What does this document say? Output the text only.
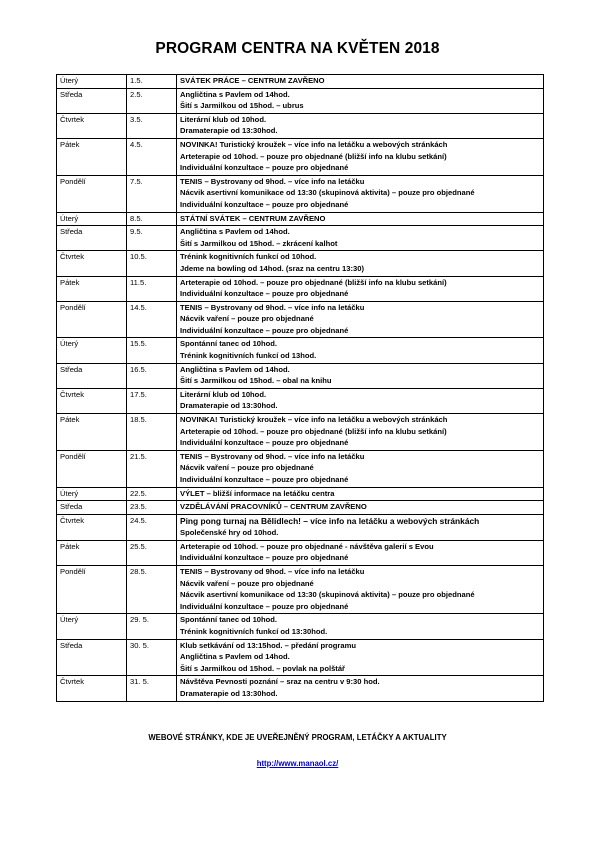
PROGRAM CENTRA NA KVĚTEN 2018
Úterý	1.5.	SVÁTEK PRÁCE – CENTRUM ZAVŘENO

Středa	2.5.	Angličtina s Pavlem od 14hod.
Šití s Jarmilkou od 15hod. – ubrus

Čtvrtek	3.5.	Literární klub od 10hod.
Dramaterapie od 13:30hod.

Pátek	4.5.	NOVINKA! Turistický kroužek – více info na letáčku a webových stránkách
Arteterapie od 10hod. – pouze pro objednané (bližší info na klubu setkání)
Individuální konzultace – pouze pro objednané

Pondělí	7.5.	TENIS – Bystrovany od 9hod. – více info na letáčku
Nácvik asertivní komunikace od 13:30 (skupinová aktivita) – pouze pro objednané
Individuální konzultace – pouze pro objednané

Úterý	8.5.	STÁTNÍ SVÁTEK – CENTRUM ZAVŘENO

Středa	9.5.	Angličtina s Pavlem od 14hod.
Šití s Jarmilkou od 15hod. – zkrácení kalhot

Čtvrtek	10.5.	Trénink kognitivních funkcí od 10hod.
Jdeme na bowling od 14hod. (sraz na centru 13:30)

Pátek	11.5.	Arteterapie od 10hod. – pouze pro objednané (bližší info na klubu setkání)
Individuální konzultace – pouze pro objednané

Pondělí	14.5.	TENIS – Bystrovany od 9hod. – více info na letáčku
Nácvik vaření – pouze pro objednané
Individuální konzultace – pouze pro objednané

Úterý	15.5.	Spontánní tanec od 10hod.
Trénink kognitivních funkcí od 13hod.

Středa	16.5.	Angličtina s Pavlem od 14hod.
Šití s Jarmilkou od 15hod. – obal na knihu

Čtvrtek	17.5.	Literární klub od 10hod.
Dramaterapie od 13:30hod.

Pátek	18.5.	NOVINKA! Turistický kroužek – více info na letáčku a webových stránkách
Arteterapie od 10hod. – pouze pro objednané (bližší info na klubu setkání)
Individuální konzultace – pouze pro objednané

Pondělí	21.5.	TENIS – Bystrovany od 9hod. – více info na letáčku
Nácvik vaření – pouze pro objednané
Individuální konzultace – pouze pro objednané

Úterý	22.5.	VÝLET – bližší informace na letáčku centra

Středa	23.5.	VZDĚLÁVÁNÍ PRACOVNÍKŮ – CENTRUM ZAVŘENO

Čtvrtek	24.5.	Ping pong turnaj na Bělidlech! – více info na letáčku a webových stránkách
Společenské hry od 10hod.

Pátek	25.5.	Arteterapie od 10hod. – pouze pro objednané - návštěva galerií s Evou
Individuální konzultace – pouze pro objednané

Pondělí	28.5.	TENIS – Bystrovany od 9hod. – více info na letáčku
Nácvik vaření – pouze pro objednané
Nácvik asertivní komunikace od 13:30 (skupinová aktivita) – pouze pro objednané
Individuální konzultace – pouze pro objednané

Úterý	29. 5.	Spontánní tanec od 10hod.
Trénink kognitivních funkcí od 13:30hod.

Středa	30. 5.	Klub setkávání od 13:15hod. – předání programu
Angličtina s Pavlem od 14hod.
Šití s Jarmilkou od 15hod. – povlak na polštář

Čtvrtek	31. 5.	Návštěva Pevnosti poznání – sraz na centru v 9:30 hod.
Dramaterapie od 13:30hod.
WEBOVÉ STRÁNKY, KDE JE UVEŘEJNĚNÝ PROGRAM, LETÁČKY A AKTUALITY
http://www.manaol.cz/
